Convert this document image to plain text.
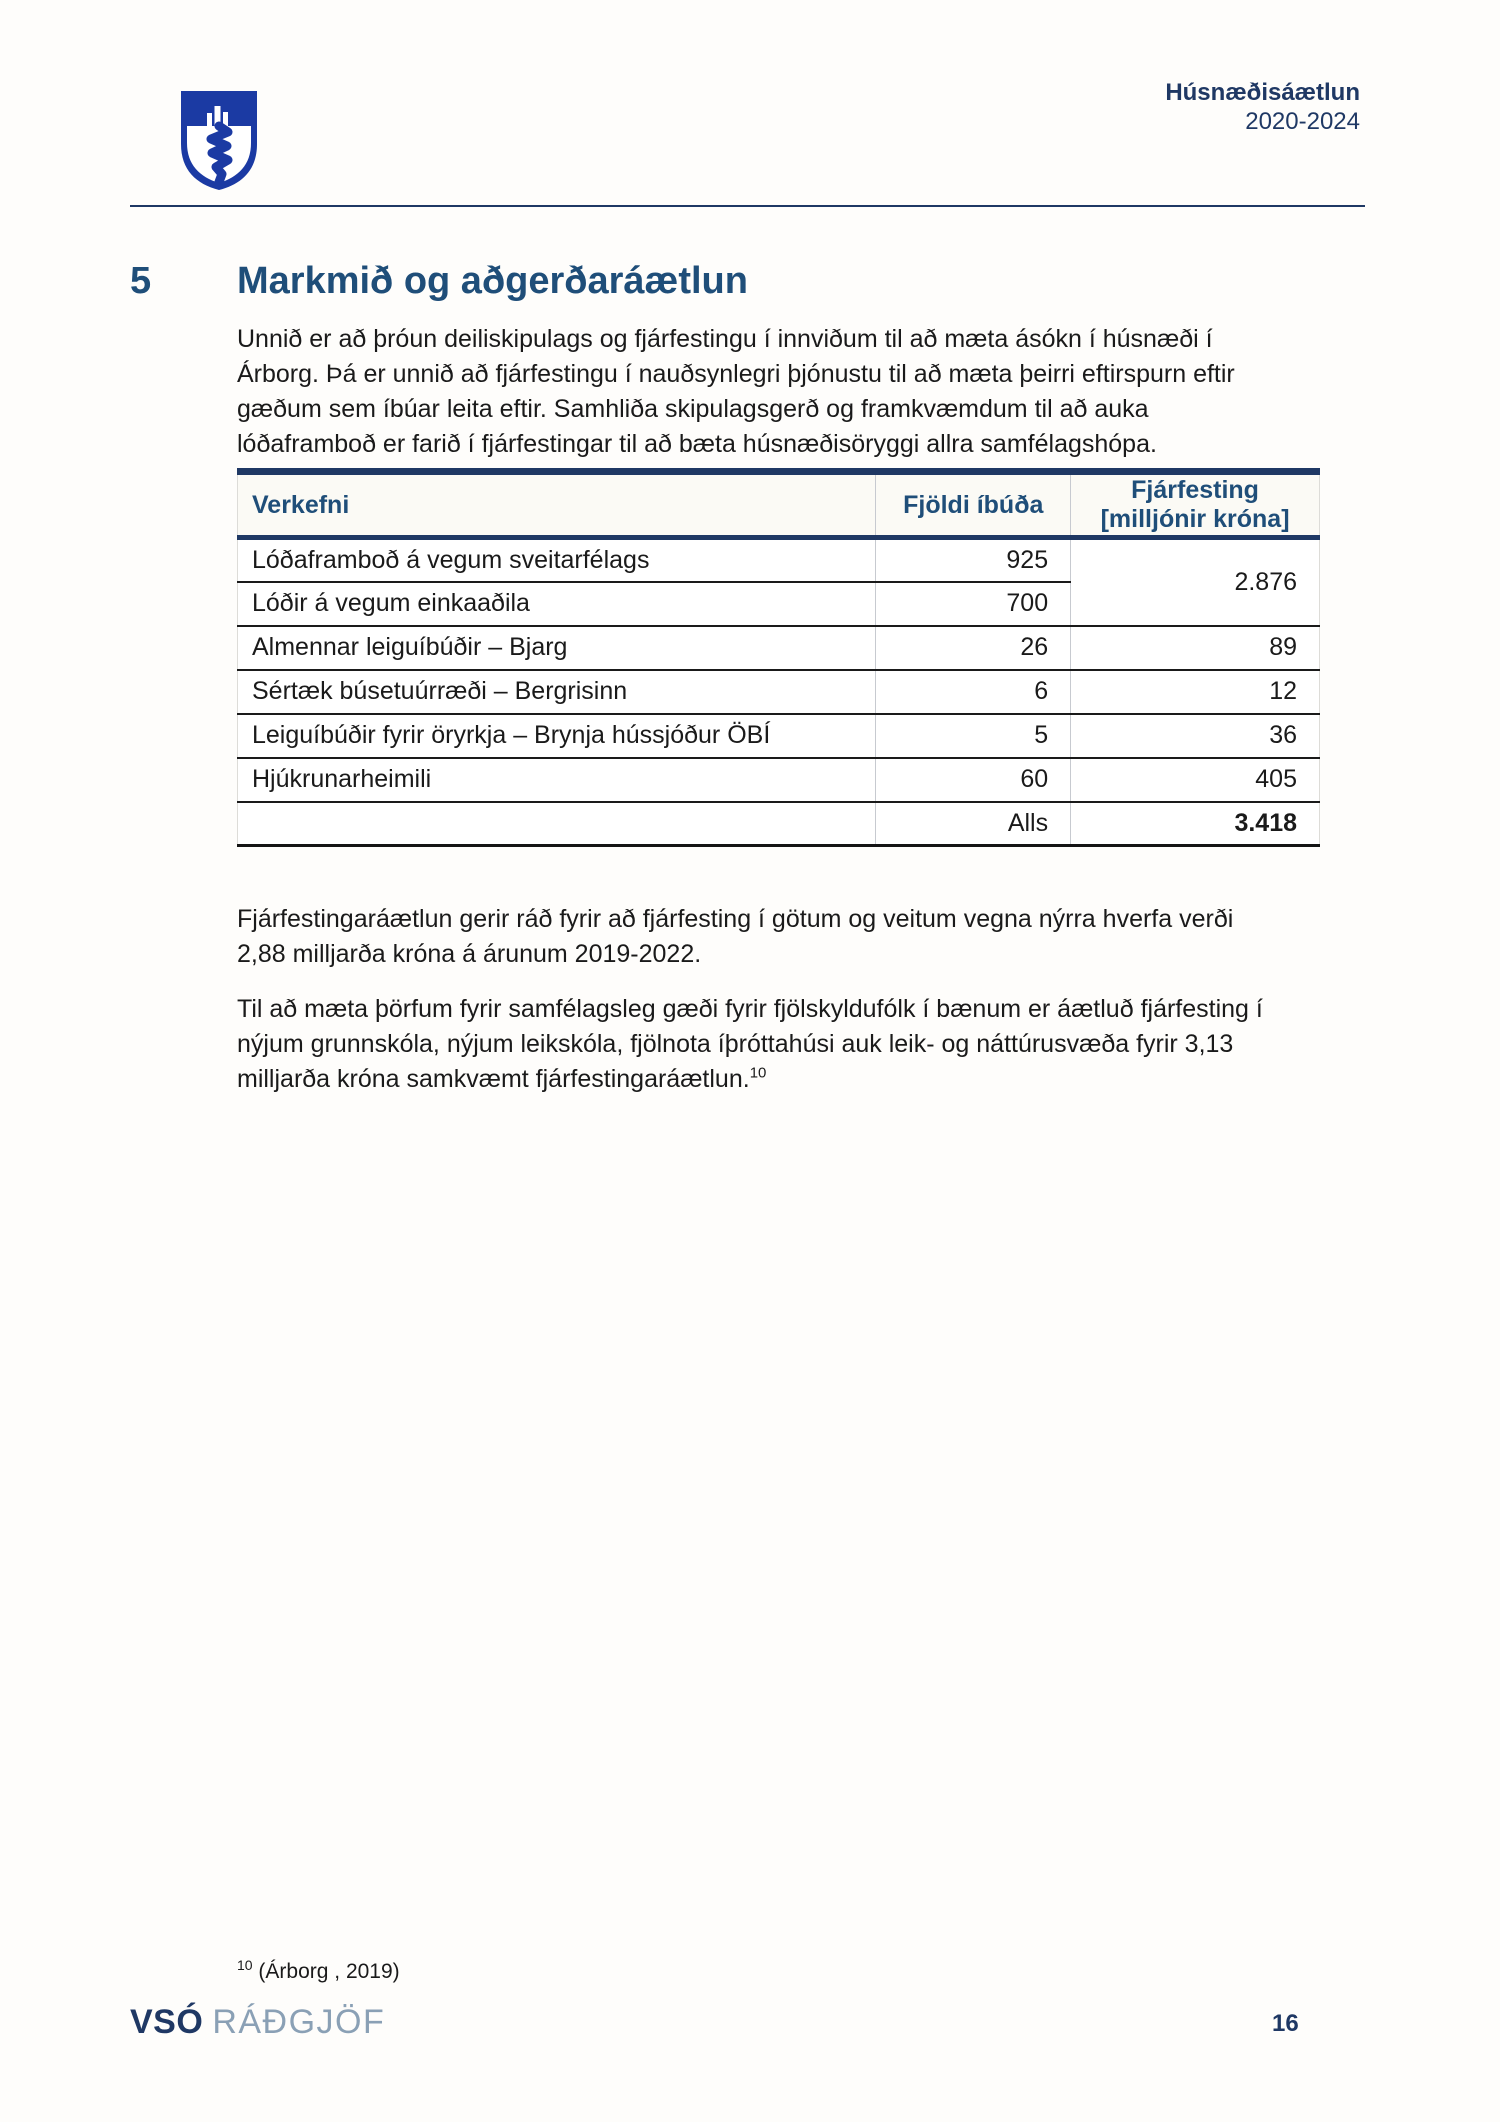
Húsnæðisáætlun
2020-2024
5 Markmið og aðgerðaráætlun

Unnið er að þróun deiliskipulags og fjárfestingu í innviðum til að mæta ásókn í húsnæði í Árborg. Þá er unnið að fjárfestingu í nauðsynlegri þjónustu til að mæta þeirri eftirspurn eftir gæðum sem íbúar leita eftir. Samhliða skipulagsgerð og framkvæmdum til að auka lóðaframboð er farið í fjárfestingar til að bæta húsnæðisöryggi allra samfélagshópa.

Verkefni	Fjöldi íbúða	Fjárfesting
[milljónir króna]
Lóðaframboð á vegum sveitarfélags	925	2.876
Lóðir á vegum einkaaðila	700	
Almennar leiguíbúðir – Bjarg	26	89
Sértæk búsetuúrræði – Bergrisinn	6	12
Leiguíbúðir fyrir öryrkja – Brynja hússjóður ÖBÍ	5	36
Hjúkrunarheimili	60	405
	Alls	3.418

Fjárfestingaráætlun gerir ráð fyrir að fjárfesting í götum og veitum vegna nýrra hverfa verði 2,88 milljarða króna á árunum 2019-2022.

Til að mæta þörfum fyrir samfélagsleg gæði fyrir fjölskyldufólk í bænum er áætluð fjárfesting í nýjum grunnskóla, nýjum leikskóla, fjölnota íþróttahúsi auk leik- og náttúrusvæða fyrir 3,13 milljarða króna samkvæmt fjárfestingaráætlun.$^{10}$

$^{10}$ (Árborg , 2019)
VSÓ RÁÐGJÖF	16
